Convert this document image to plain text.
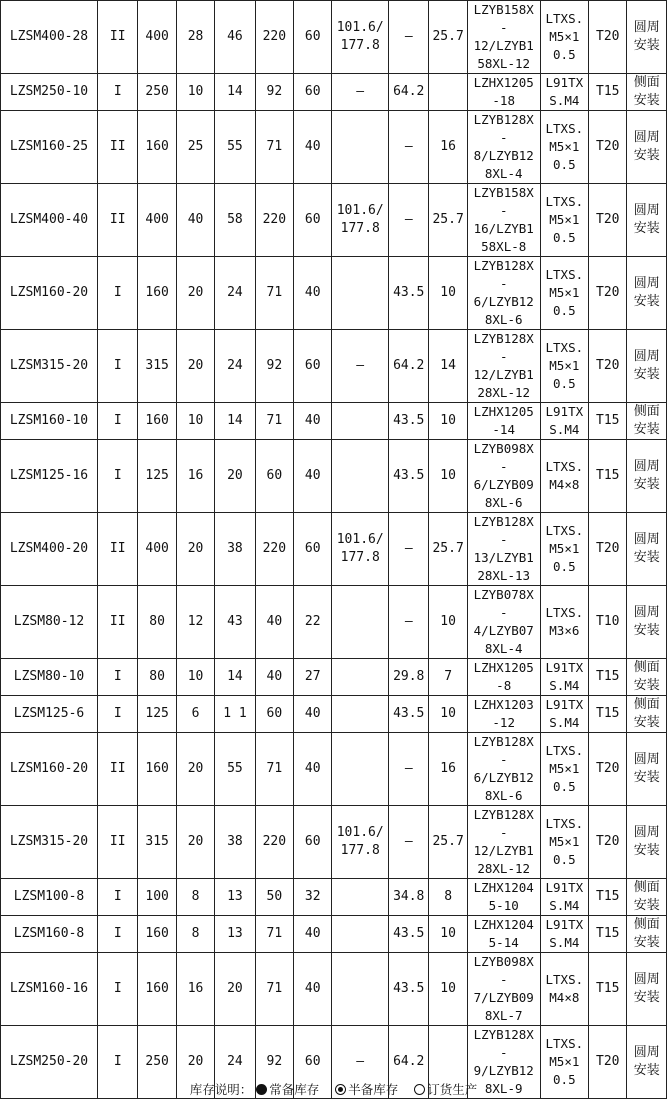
LZSM400-28	II	400	28	46	220	60	101.6/
177.8	—	25.7	LZYB158X
-
12/LZYB1
58XL-12	LTXS.
M5×1
0.5	T20	圆周
安装
LZSM250-10	I	250	10	14	92	60	—	64.2		LZHX1205
-18	L91TX
S.M4	T15	侧面
安装
LZSM160-25	II	160	25	55	71	40		—	16	LZYB128X
-
8/LZYB12
8XL-4	LTXS.
M5×1
0.5	T20	圆周
安装
LZSM400-40	II	400	40	58	220	60	101.6/
177.8	—	25.7	LZYB158X
-
16/LZYB1
58XL-8	LTXS.
M5×1
0.5	T20	圆周
安装
LZSM160-20	I	160	20	24	71	40		43.5	10	LZYB128X
-
6/LZYB12
8XL-6	LTXS.
M5×1
0.5	T20	圆周
安装
LZSM315-20	I	315	20	24	92	60	—	64.2	14	LZYB128X
-
12/LZYB1
28XL-12	LTXS.
M5×1
0.5	T20	圆周
安装
LZSM160-10	I	160	10	14	71	40		43.5	10	LZHX1205
-14	L91TX
S.M4	T15	侧面
安装
LZSM125-16	I	125	16	20	60	40		43.5	10	LZYB098X
-
6/LZYB09
8XL-6	LTXS.
M4×8	T15	圆周
安装
LZSM400-20	II	400	20	38	220	60	101.6/
177.8	—	25.7	LZYB128X
-
13/LZYB1
28XL-13	LTXS.
M5×1
0.5	T20	圆周
安装
LZSM80-12	II	80	12	43	40	22		—	10	LZYB078X
-
4/LZYB07
8XL-4	LTXS.
M3×6	T10	圆周
安装
LZSM80-10	I	80	10	14	40	27		29.8	7	LZHX1205
-8	L91TX
S.M4	T15	侧面
安装
LZSM125-6	I	125	6	1 1	60	40		43.5	10	LZHX1203
-12	L91TX
S.M4	T15	侧面
安装
LZSM160-20	II	160	20	55	71	40		—	16	LZYB128X
-
6/LZYB12
8XL-6	LTXS.
M5×1
0.5	T20	圆周
安装
LZSM315-20	II	315	20	38	220	60	101.6/
177.8	—	25.7	LZYB128X
-
12/LZYB1
28XL-12	LTXS.
M5×1
0.5	T20	圆周
安装
LZSM100-8	I	100	8	13	50	32		34.8	8	LZHX1204
5-10	L91TX
S.M4	T15	侧面
安装
LZSM160-8	I	160	8	13	71	40		43.5	10	LZHX1204
5-14	L91TX
S.M4	T15	侧面
安装
LZSM160-16	I	160	16	20	71	40		43.5	10	LZYB098X
-
7/LZYB09
8XL-7	LTXS.
M4×8	T15	圆周
安装
LZSM250-20	I	250	20	24	92	60	—	64.2		LZYB128X
-
9/LZYB12
8XL-9	LTXS.
M5×1
0.5	T20	圆周
安装
库存说明： 常备库存 半备库存 订货生产
